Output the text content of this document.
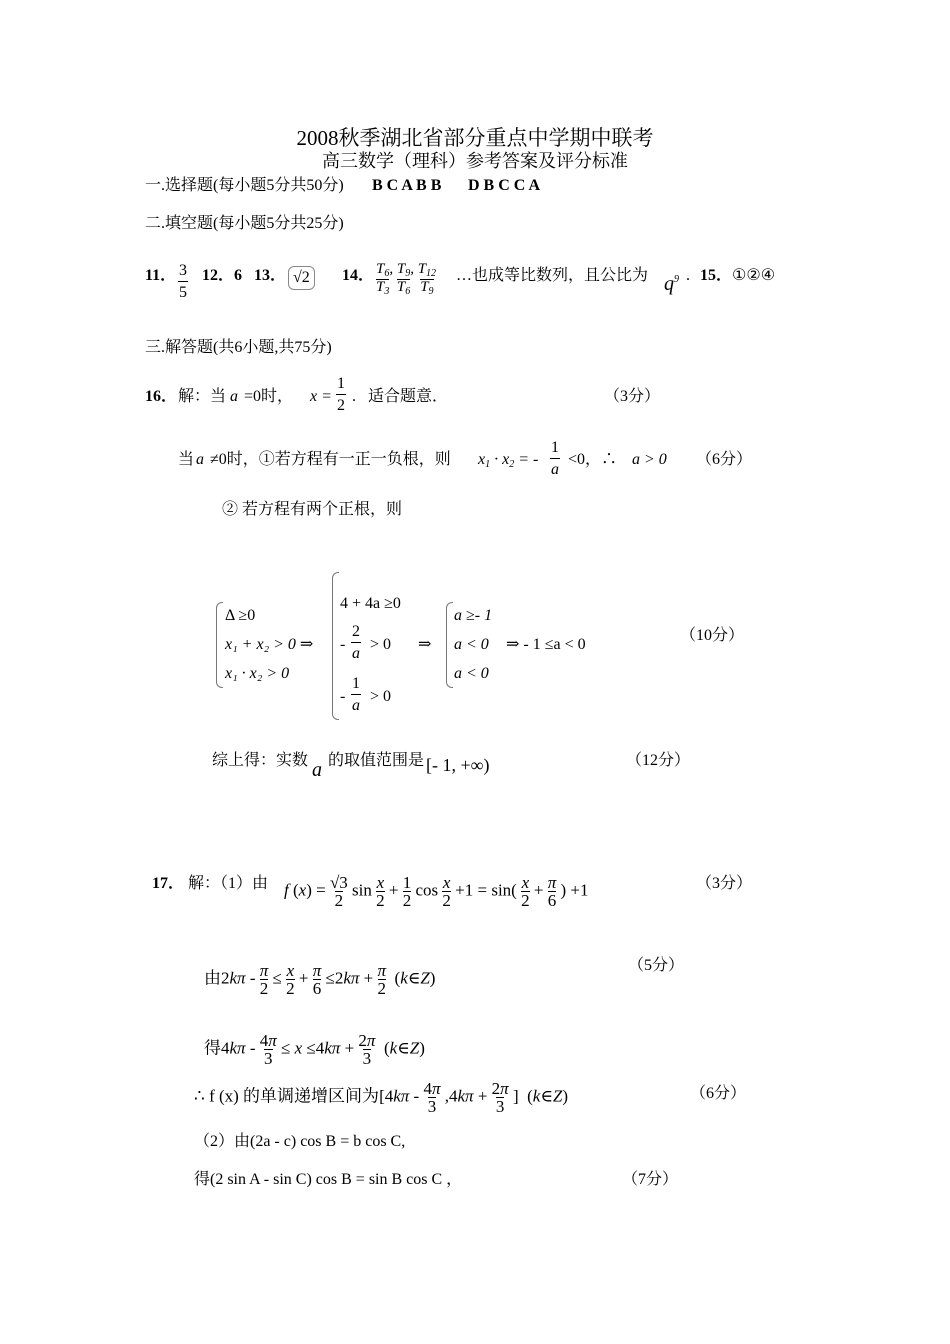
2008秋季湖北省部分重点中学期中联考
高三数学（理科）参考答案及评分标准
一.选择题(每小题5分共50分) B C A B B D B C C A
二.填空题(每小题5分共25分)
11． 3
5
12．6 13． √2	14． $\frac{T_6}{T_3}$ , $\frac{T_9}{T_6}$ , $\frac{T_{12}}{T_9}$ …也成等比数列，且公比为 $q^9$ . 15． ①②④
三.解答题(共6小题,共75分)
16． 解：当 a =0时， x =
1
2
. 适合题意．	（3分）
当 a ≠0时，①若方程有一正一负根，则 $x_1 \cdot x_2$ = -
1
a
<0，∴ a > 0 （6分）
② 若方程有两个正根，则
Δ ≥0
x₁ + x₂ > 0 ⇒
x₁ · x₂ > 0
4 + 4a ≥0
-
2
a
> 0
-
1
a
> 0
⇒
a ≥- 1
a < 0
a < 0
⇒ - 1 ≤a < 0
（10分）
综上得：实数 a 的取值范围是 [- 1, +∞)	（12分）
17． 解：（1）由 f $(x) = \frac{√3}{2}$ $\sin \frac{x}{2} + \frac{1}{2}$ $\cos \frac{x}{2} +1 = \sin( \frac{x}{2} + \frac{\pi}{6}$ ) +1	（3分）
由$2k\pi - \frac{\pi}{2} \le \frac{x}{2} + \frac{\pi}{6} \le 2k\pi + \frac{\pi}{2}$ (k∈Z)
（5分）
得$4k\pi - \frac{4\pi}{3} \le x \le 4k\pi + \frac{2\pi}{3}$ (k∈Z)
∴ f (x) 的单调递增区间为[$4k\pi - \frac{4\pi}{3} ,4k\pi + \frac{2\pi}{3}$ ]  (k∈Z)	（6分）
（2）由(2a - c) cos B = b cos C,
得(2 sin A - sin C) cos B = sin B cos C ，	（7分）
